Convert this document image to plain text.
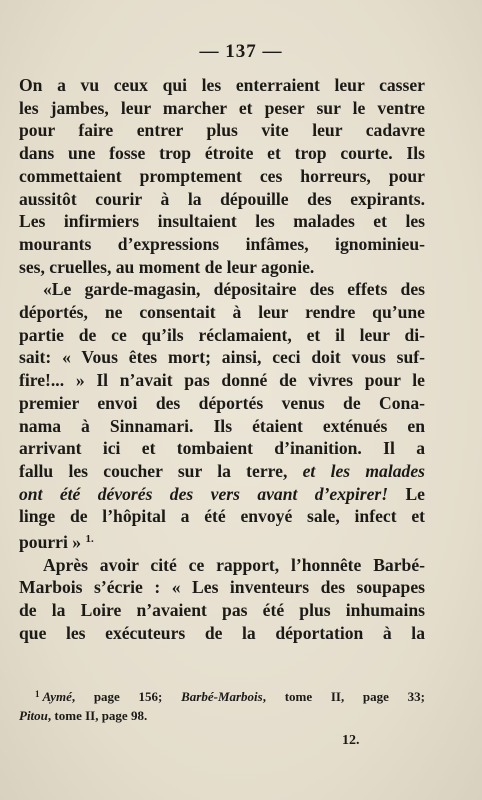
— 137 —
On a vu ceux qui les enterraient leur casser
les jambes, leur marcher et peser sur le ventre
pour faire entrer plus vite leur cadavre
dans une fosse trop étroite et trop courte. Ils
commettaient promptement ces horreurs, pour
aussitôt courir à la dépouille des expirants.
Les infirmiers insultaient les malades et les
mourants d’expressions infâmes, ignominieu-
ses, cruelles, au moment de leur agonie.
«Le garde-magasin, dépositaire des effets des
déportés, ne consentait à leur rendre qu’une
partie de ce qu’ils réclamaient, et il leur di-
sait: « Vous êtes mort; ainsi, ceci doit vous suf-
fire!... » Il n’avait pas donné de vivres pour le
premier envoi des déportés venus de Cona-
nama à Sinnamari. Ils étaient exténués en
arrivant ici et tombaient d’inanition. Il a
fallu les coucher sur la terre, et les malades
ont été dévorés des vers avant d’expirer! Le
linge de l’hôpital a été envoyé sale, infect et
pourri » $^{1.}$
Après avoir cité ce rapport, l’honnête Barbé-
Marbois s’écrie : « Les inventeurs des soupapes
de la Loire n’avaient pas été plus inhumains
que les exécuteurs de la déportation à la
$^1$ Aymé, page 156; Barbé-Marbois, tome II, page 33;
Pitou, tome II, page 98.
12.
